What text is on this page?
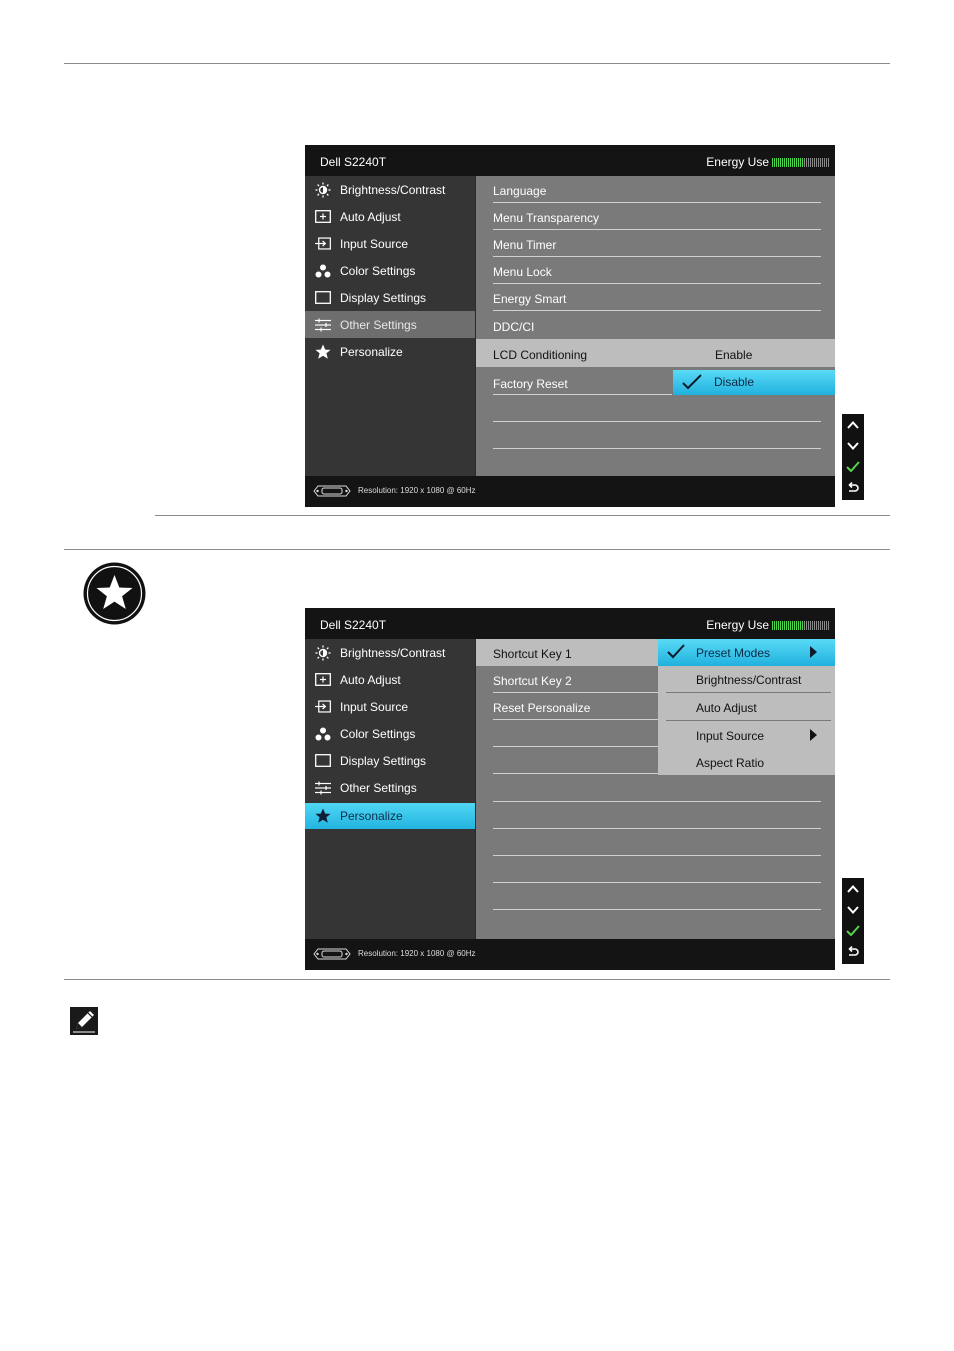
Dell S2240T	Energy Use
Brightness/Contrast
Auto Adjust
Input Source
Color Settings
Display Settings
Other Settings
Personalize
Language
Menu Transparency
Menu Timer
Menu Lock
Energy Smart
DDC/CI
LCD Conditioning	Enable
Factory Reset	Disable
Resolution: 1920 x 1080 @ 60Hz
Dell S2240T	Energy Use
Brightness/Contrast
Auto Adjust
Input Source
Color Settings
Display Settings
Other Settings
Personalize
Shortcut Key 1
Shortcut Key 2
Reset Personalize
Preset Modes
Brightness/Contrast
Auto Adjust
Input Source
Aspect Ratio
Resolution: 1920 x 1080 @ 60Hz
